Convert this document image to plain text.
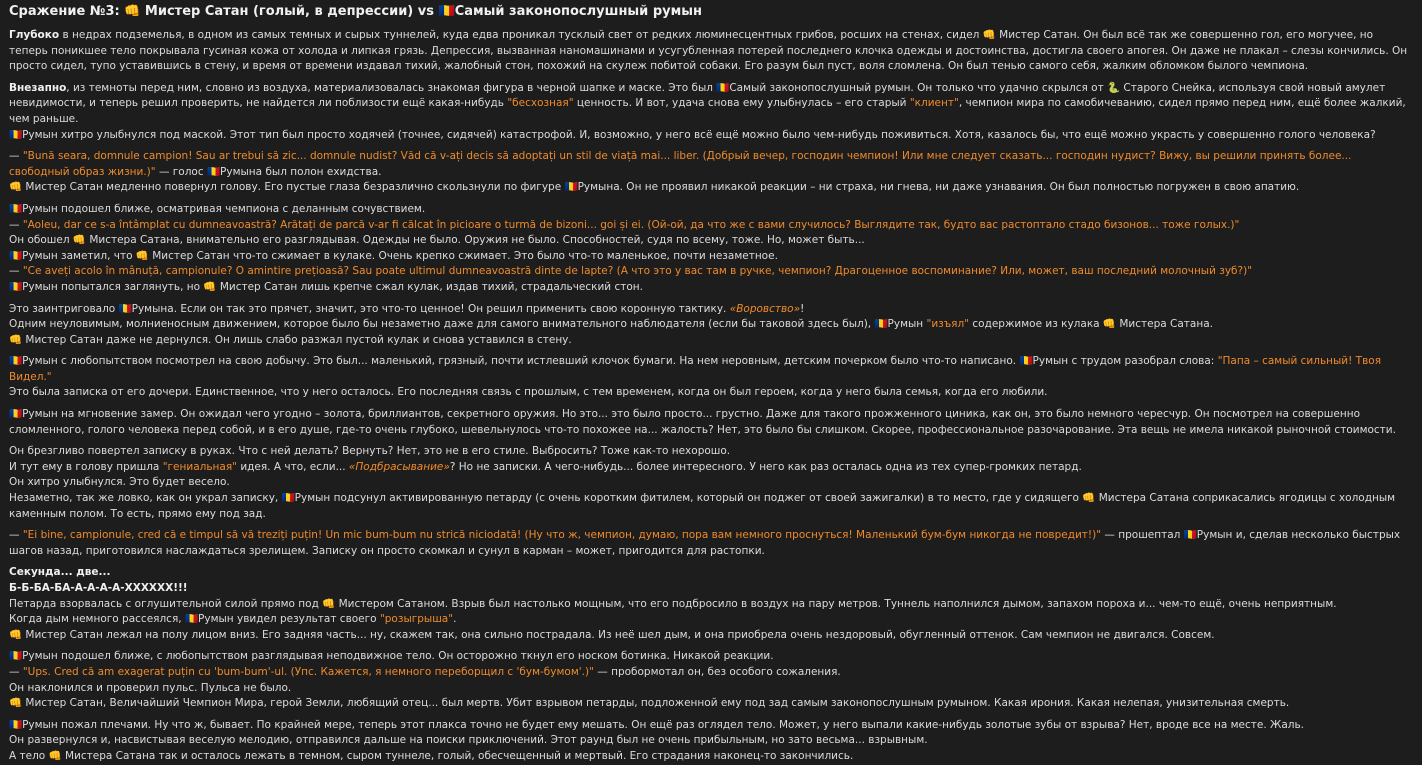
Сражение №3: 👊 Мистер Сатан (голый, в депрессии) vs 🇷🇴Самый законопослушный румын
Глубоко в недрах подземелья, в одном из самых темных и сырых туннелей, куда едва проникал тусклый свет от редких люминесцентных грибов, росших на стенах, сидел 👊 Мистер Сатан. Он был всё так же совершенно гол, его могучее, но теперь поникшее тело покрывала гусиная кожа от холода и липкая грязь. Депрессия, вызванная наномашинами и усугубленная потерей последнего клочка одежды и достоинства, достигла своего апогея. Он даже не плакал – слезы кончились. Он просто сидел, тупо уставившись в стену, и время от времени издавал тихий, жалобный стон, похожий на скулеж побитой собаки. Его разум был пуст, воля сломлена. Он был тенью самого себя, жалким обломком былого чемпиона.
Внезапно, из темноты перед ним, словно из воздуха, материализовалась знакомая фигура в черной шапке и маске. Это был 🇷🇴Самый законопослушный румын. Он только что удачно скрылся от 🐍 Старого Снейка, используя свой новый амулет невидимости, и теперь решил проверить, не найдется ли поблизости ещё какая-нибудь "бесхозная" ценность. И вот, удача снова ему улыбнулась – его старый "клиент", чемпион мира по самобичеванию, сидел прямо перед ним, ещё более жалкий, чем раньше.
🇷🇴Румын хитро улыбнулся под маской. Этот тип был просто ходячей (точнее, сидячей) катастрофой. И, возможно, у него всё ещё можно было чем-нибудь поживиться. Хотя, казалось бы, что ещё можно украсть у совершенно голого человека?
— "Bună seara, domnule campion! Sau ar trebui să zic... domnule nudist? Văd că v-ați decis să adoptați un stil de viață mai... liber. (Добрый вечер, господин чемпион! Или мне следует сказать... господин нудист? Вижу, вы решили принять более... свободный образ жизни.)" — голос 🇷🇴Румына был полон ехидства.
👊 Мистер Сатан медленно повернул голову. Его пустые глаза безразлично скользнули по фигуре 🇷🇴Румына. Он не проявил никакой реакции – ни страха, ни гнева, ни даже узнавания. Он был полностью погружен в свою апатию.
🇷🇴Румын подошел ближе, осматривая чемпиона с деланным сочувствием.
— "Aoleu, dar ce s-a întâmplat cu dumneavoastră? Arătați de parcă v-ar fi călcat în picioare o turmă de bizoni... goi și ei. (Ой-ой, да что же с вами случилось? Выглядите так, будто вас растоптало стадо бизонов... тоже голых.)"
Он обошел 👊 Мистера Сатана, внимательно его разглядывая. Одежды не было. Оружия не было. Способностей, судя по всему, тоже. Но, может быть...
🇷🇴Румын заметил, что 👊 Мистер Сатан что-то сжимает в кулаке. Очень крепко сжимает. Это было что-то маленькое, почти незаметное.
— "Ce aveți acolo în mânuță, campionule? O amintire prețioasă? Sau poate ultimul dumneavoastră dinte de lapte? (А что это у вас там в ручке, чемпион? Драгоценное воспоминание? Или, может, ваш последний молочный зуб?)"
🇷🇴Румын попытался заглянуть, но 👊 Мистер Сатан лишь крепче сжал кулак, издав тихий, страдальческий стон.
Это заинтриговало 🇷🇴Румына. Если он так это прячет, значит, это что-то ценное! Он решил применить свою коронную тактику. «Воровство»!
Одним неуловимым, молниеносным движением, которое было бы незаметно даже для самого внимательного наблюдателя (если бы таковой здесь был), 🇷🇴Румын "изъял" содержимое из кулака 👊 Мистера Сатана.
👊 Мистер Сатан даже не дернулся. Он лишь слабо разжал пустой кулак и снова уставился в стену.
🇷🇴Румын с любопытством посмотрел на свою добычу. Это был... маленький, грязный, почти истлевший клочок бумаги. На нем неровным, детским почерком было что-то написано. 🇷🇴Румын с трудом разобрал слова: "Папа – самый сильный! Твоя Видел."
Это была записка от его дочери. Единственное, что у него осталось. Его последняя связь с прошлым, с тем временем, когда он был героем, когда у него была семья, когда его любили.
🇷🇴Румын на мгновение замер. Он ожидал чего угодно – золота, бриллиантов, секретного оружия. Но это... это было просто... грустно. Даже для такого прожженного циника, как он, это было немного чересчур. Он посмотрел на совершенно сломленного, голого человека перед собой, и в его душе, где-то очень глубоко, шевельнулось что-то похожее на... жалость? Нет, это было бы слишком. Скорее, профессиональное разочарование. Эта вещь не имела никакой рыночной стоимости.
Он брезгливо повертел записку в руках. Что с ней делать? Вернуть? Нет, это не в его стиле. Выбросить? Тоже как-то нехорошо.
И тут ему в голову пришла "гениальная" идея. А что, если... «Подбрасывание»? Но не записки. А чего-нибудь... более интересного. У него как раз осталась одна из тех супер-громких петард.
Он хитро улыбнулся. Это будет весело.
Незаметно, так же ловко, как он украл записку, 🇷🇴Румын подсунул активированную петарду (с очень коротким фитилем, который он поджег от своей зажигалки) в то место, где у сидящего 👊 Мистера Сатана соприкасались ягодицы с холодным каменным полом. То есть, прямо ему под зад.
— "Ei bine, campionule, cred că e timpul să vă treziți puțin! Un mic bum-bum nu strică niciodată! (Ну что ж, чемпион, думаю, пора вам немного проснуться! Маленький бум-бум никогда не повредит!)" — прошептал 🇷🇴Румын и, сделав несколько быстрых шагов назад, приготовился наслаждаться зрелищем. Записку он просто скомкал и сунул в карман – может, пригодится для растопки.
Секунда... две...
Б-Б-БА-БА-А-А-А-А-ХХХХХХ!!!
Петарда взорвалась с оглушительной силой прямо под 👊 Мистером Сатаном. Взрыв был настолько мощным, что его подбросило в воздух на пару метров. Туннель наполнился дымом, запахом пороха и... чем-то ещё, очень неприятным.
Когда дым немного рассеялся, 🇷🇴Румын увидел результат своего "розыгрыша".
👊 Мистер Сатан лежал на полу лицом вниз. Его задняя часть... ну, скажем так, она сильно пострадала. Из неё шел дым, и она приобрела очень нездоровый, обугленный оттенок. Сам чемпион не двигался. Совсем.
🇷🇴Румын подошел ближе, с любопытством разглядывая неподвижное тело. Он осторожно ткнул его носком ботинка. Никакой реакции.
— "Ups. Cred că am exagerat puțin cu 'bum-bum'-ul. (Упс. Кажется, я немного переборщил с 'бум-бумом'.)" — пробормотал он, без особого сожаления.
Он наклонился и проверил пульс. Пульса не было.
👊 Мистер Сатан, Величайший Чемпион Мира, герой Земли, любящий отец... был мертв. Убит взрывом петарды, подложенной ему под зад самым законопослушным румыном. Какая ирония. Какая нелепая, унизительная смерть.
🇷🇴Румын пожал плечами. Ну что ж, бывает. По крайней мере, теперь этот плакса точно не будет ему мешать. Он ещё раз оглядел тело. Может, у него выпали какие-нибудь золотые зубы от взрыва? Нет, вроде все на месте. Жаль.
Он развернулся и, насвистывая веселую мелодию, отправился дальше на поиски приключений. Этот раунд был не очень прибыльным, но зато весьма... взрывным.
А тело 👊 Мистера Сатана так и осталось лежать в темном, сыром туннеле, голый, обесчещенный и мертвый. Его страдания наконец-то закончились.
